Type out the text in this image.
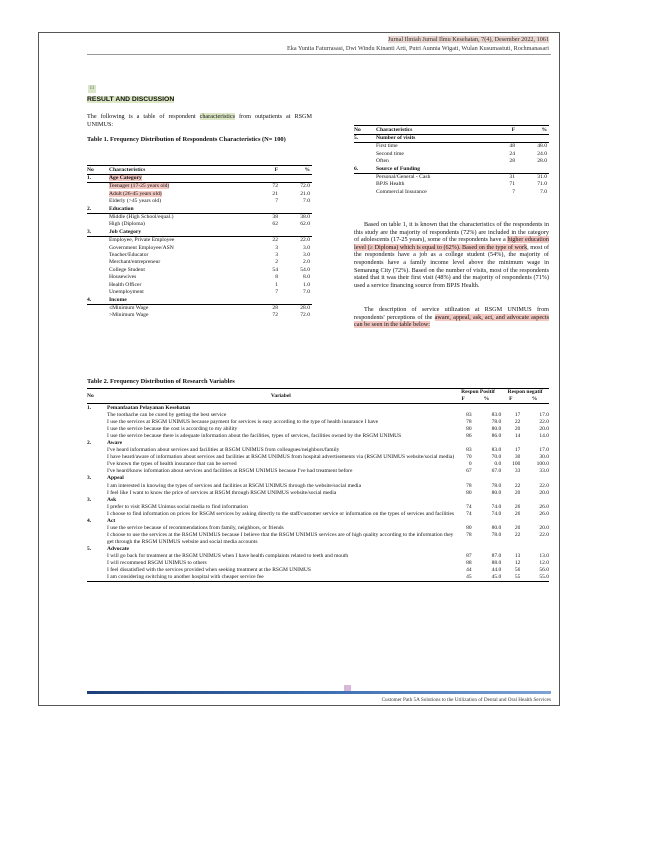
Jurnal Ilmiah Jurnal Ilmu Kesehatan, 7(4), Desember 2022, 1061
Eka Yunita Faturrasasi, Dwi Windu Kinanti Arti, Putri Aunnia Wigati, Wulan Kusumastuti, Rochmanasari
11
RESULT AND DISCUSSION
The following is a table of respondent characteristics from outpatients at RSGM UNIMUS:
Table 1. Frequency Distribution of Respondents Characteristics (N= 100)
No	Characteristics	F	%
1.	Age Category		
	Teenager (17-25 years old)	72	72.0
	Adult (26-45 years old)	21	21.0
	Elderly (>45 years old)	7	7.0
2.	Education		
	Middle (High School/equal.)	38	38.0
	High (Diploma)	62	62.0
3.	Job Category		
	Employee, Private Employee	22	22.0
	Government Employee/ASN	3	3.0
	Teacher/Educator	3	3.0
	Merchant/entrepreneur	2	2.0
	College Student	54	54.0
	Housewives	8	8.0
	Health Officer	1	1.0
	Unemployment	7	7.0
4.	Income		
	≤Minimum Wage	28	28.0
	>Minimum Wage	72	72.0
No	Characteristics	F	%
5.	Number of visits		
	First time	48	48.0
	Second time	24	24.0
	Often	28	28.0
6.	Source of Funding		
	Personal/General - Cash	31	31.0
	BPJS Health	71	71.0
	Commercial Insurance	7	7.0
Based on table 1, it is known that the characteristics of the respondents in this study are the majority of respondents (72%) are included in the category of adolescents (17-25 years), some of the respondents have a higher education level (≥ Diploma) which is equal to (62%). Based on the type of work, most of the respondents have a job as a college student (54%), the majority of respondents have a family income level above the minimum wage in Semarang City (72%). Based on the number of visits, most of the respondents stated that it was their first visit (48%) and the majority of respondents (71%) used a service financing source from BPJS Health.
The description of service utilization at RSGM UNIMUS from respondents' perceptions of the aware, appeal, ask, act, and advocate aspects can be seen in the table below:
Table 2. Frequency Distribution of Research Variables
No	Variabel	Respon Positif		Respon negatif	
		F	%	F	%
1.	Pemanfaatan Pelayanan Kesehatan				
	The toothache can be cured by getting the best service	83	83.0	17	17.0
	I use the services at RSGM UNIMUS because payment for services is easy according to the type of health insurance I have	78	78.0	22	22.0
	I use the service because the cost is according to my ability	80	80.0	20	20.0
	I use the service because there is adequate information about the facilities, types of services, facilities owned by the RSGM UNIMUS	86	86.0	14	14.0
2.	Aware				
	I've heard information about services and facilities at RSGM UNIMUS from colleagues/neighbors/family	83	83.0	17	17.0
	I have heard/aware of information about services and facilities at RSGM UNIMUS from hospital advertisements via (RSGM UNIMUS website/social media)	70	70.0	30	30.0
	I've known the types of health insurance that can be served	0	0.0	100	100.0
	I've heard/know information about services and facilities at RSGM UNIMUS because I've had treatment before	67	67.0	33	33.0
3.	Appeal				
	I am interested in knowing the types of services and facilities at RSGM UNIMUS through the website/social media	78	78.0	22	22.0
	I feel like I want to know the price of services at RSGM through RSGM UNIMUS website/social media	80	80.0	20	20.0
3.	Ask				
	I prefer to visit RSGM Unimus social media to find information	74	74.0	26	26.0
	I choose to find information on prices for RSGM services by asking directly to the staff/customer service or information on the types of services and facilities	74	74.0	26	26.0
4.	Act				
	I use the service because of recommendations from family, neighbors, or friends	80	80.0	20	20.0
	I choose to use the services at the RSGM UNIMUS because I believe that the RSGM UNIMUS services are of high quality according to the information they get through the RSGM UNIMUS website and social media accounts	78	78.0	22	22.0
5.	Advocate				
	I will go back for treatment at the RSGM UNIMUS when I have health complaints related to teeth and mouth	87	87.0	13	13.0
	I will recommend RSGM UNIMUS to others	88	88.0	12	12.0
	I feel dissatisfied with the services provided when seeking treatment at the RSGM UNIMUS	44	44.0	56	56.0
	I am considering switching to another hospital with cheaper service fee	45	45.0	55	55.0
Customer Path 5A Solutions to the Utilization of Dental and Oral Health Services
